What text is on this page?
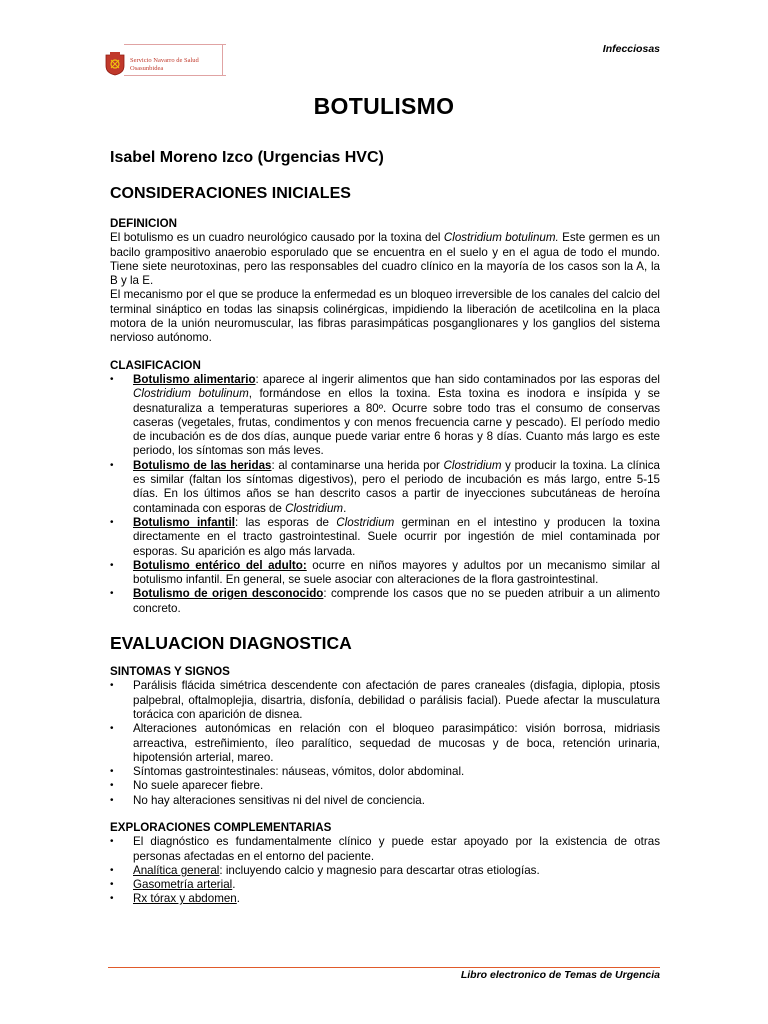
Infecciosas
Servicio Navarro de Salud
Osasunbidea
BOTULISMO
Isabel Moreno Izco (Urgencias HVC)
CONSIDERACIONES INICIALES
DEFINICION

El botulismo es un cuadro neurológico causado por la toxina del Clostridium botulinum. Este germen es un bacilo grampositivo anaerobio esporulado que se encuentra en el suelo y en el agua de todo el mundo. Tiene siete neurotoxinas, pero las responsables del cuadro clínico en la mayoría de los casos son la A, la B y la E.

El mecanismo por el que se produce la enfermedad es un bloqueo irreversible de los canales del calcio del terminal sináptico en todas las sinapsis colinérgicas, impidiendo la liberación de acetilcolina en la placa motora de la unión neuromuscular, las fibras parasimpáticas posganglionares y los ganglios del sistema nervioso autónomo.

CLASIFICACION
• Botulismo alimentario: aparece al ingerir alimentos que han sido contaminados por las esporas del Clostridium botulinum, formándose en ellos la toxina. Esta toxina es inodora e insípida y se desnaturaliza a temperaturas superiores a 80º. Ocurre sobre todo tras el consumo de conservas caseras (vegetales, frutas, condimentos y con menos frecuencia carne y pescado). El período medio de incubación es de dos días, aunque puede variar entre 6 horas y 8 días. Cuanto más largo es este periodo, los síntomas son más leves.
• Botulismo de las heridas: al contaminarse una herida por Clostridium y producir la toxina. La clínica es similar (faltan los síntomas digestivos), pero el periodo de incubación es más largo, entre 5-15 días. En los últimos años se han descrito casos a partir de inyecciones subcutáneas de heroína contaminada con esporas de Clostridium.
• Botulismo infantil: las esporas de Clostridium germinan en el intestino y producen la toxina directamente en el tracto gastrointestinal. Suele ocurrir por ingestión de miel contaminada por esporas. Su aparición es algo más larvada.
• Botulismo entérico del adulto: ocurre en niños mayores y adultos por un mecanismo similar al botulismo infantil. En general, se suele asociar con alteraciones de la flora gastrointestinal.
• Botulismo de origen desconocido: comprende los casos que no se pueden atribuir a un alimento concreto.
EVALUACION DIAGNOSTICA
SINTOMAS Y SIGNOS
• Parálisis flácida simétrica descendente con afectación de pares craneales (disfagia, diplopia, ptosis palpebral, oftalmoplejia, disartria, disfonía, debilidad o parálisis facial). Puede afectar la musculatura torácica con aparición de disnea.
• Alteraciones autonómicas en relación con el bloqueo parasimpático: visión borrosa, midriasis arreactiva, estreñimiento, íleo paralítico, sequedad de mucosas y de boca, retención urinaria, hipotensión arterial, mareo.
• Síntomas gastrointestinales: náuseas, vómitos, dolor abdominal.
• No suele aparecer fiebre.
• No hay alteraciones sensitivas ni del nivel de conciencia.
EXPLORACIONES COMPLEMENTARIAS
• El diagnóstico es fundamentalmente clínico y puede estar apoyado por la existencia de otras personas afectadas en el entorno del paciente.
• Analítica general: incluyendo calcio y magnesio para descartar otras etiologías.
• Gasometría arterial.
• Rx tórax y abdomen.
Libro electronico de Temas de Urgencia
